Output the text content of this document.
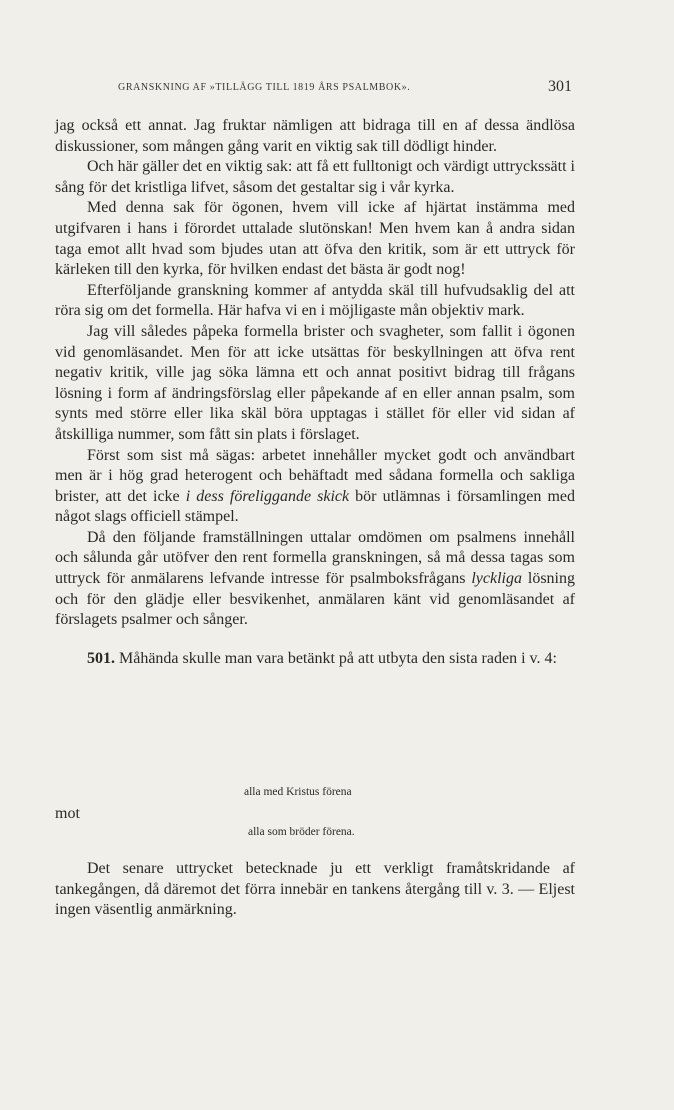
GRANSKNING AF »TILLÄGG TILL 1819 ÅRS PSALMBOK».	301

jag också ett annat. Jag fruktar nämligen att bidraga till en af dessa ändlösa diskussioner, som mången gång varit en viktig sak till dödligt hinder.

Och här gäller det en viktig sak: att få ett fulltonigt och värdigt uttryckssätt i sång för det kristliga lifvet, såsom det gestaltar sig i vår kyrka.

Med denna sak för ögonen, hvem vill icke af hjärtat instämma med utgifvaren i hans i förordet uttalade slutönskan! Men hvem kan å andra sidan taga emot allt hvad som bjudes utan att öfva den kritik, som är ett uttryck för kärleken till den kyrka, för hvilken endast det bästa är godt nog!

Efterföljande granskning kommer af antydda skäl till hufvudsaklig del att röra sig om det formella. Här hafva vi en i möjligaste mån objektiv mark.

Jag vill således påpeka formella brister och svagheter, som fallit i ögonen vid genomläsandet. Men för att icke utsättas för beskyllningen att öfva rent negativ kritik, ville jag söka lämna ett och annat positivt bidrag till frågans lösning i form af ändringsförslag eller påpekande af en eller annan psalm, som synts med större eller lika skäl böra upptagas i stället för eller vid sidan af åtskilliga nummer, som fått sin plats i förslaget.

Först som sist må sägas: arbetet innehåller mycket godt och användbart men är i hög grad heterogent och behäftadt med sådana formella och sakliga brister, att det icke i dess föreliggande skick bör utlämnas i församlingen med något slags officiell stämpel.

Då den följande framställningen uttalar omdömen om psalmens innehåll och sålunda går utöfver den rent formella granskningen, så må dessa tagas som uttryck för anmälarens lefvande intresse för psalmboksfrågans lyckliga lösning och för den glädje eller besvikenhet, anmälaren känt vid genomläsandet af förslagets psalmer och sånger.

501. Måhända skulle man vara betänkt på att utbyta den sista raden i v. 4:

alla med Kristus förena
mot
alla som bröder förena.

Det senare uttrycket betecknade ju ett verkligt framåtskridande af tankegången, då däremot det förra innebär en tankens återgång till v. 3. — Eljest ingen väsentlig anmärkning.
